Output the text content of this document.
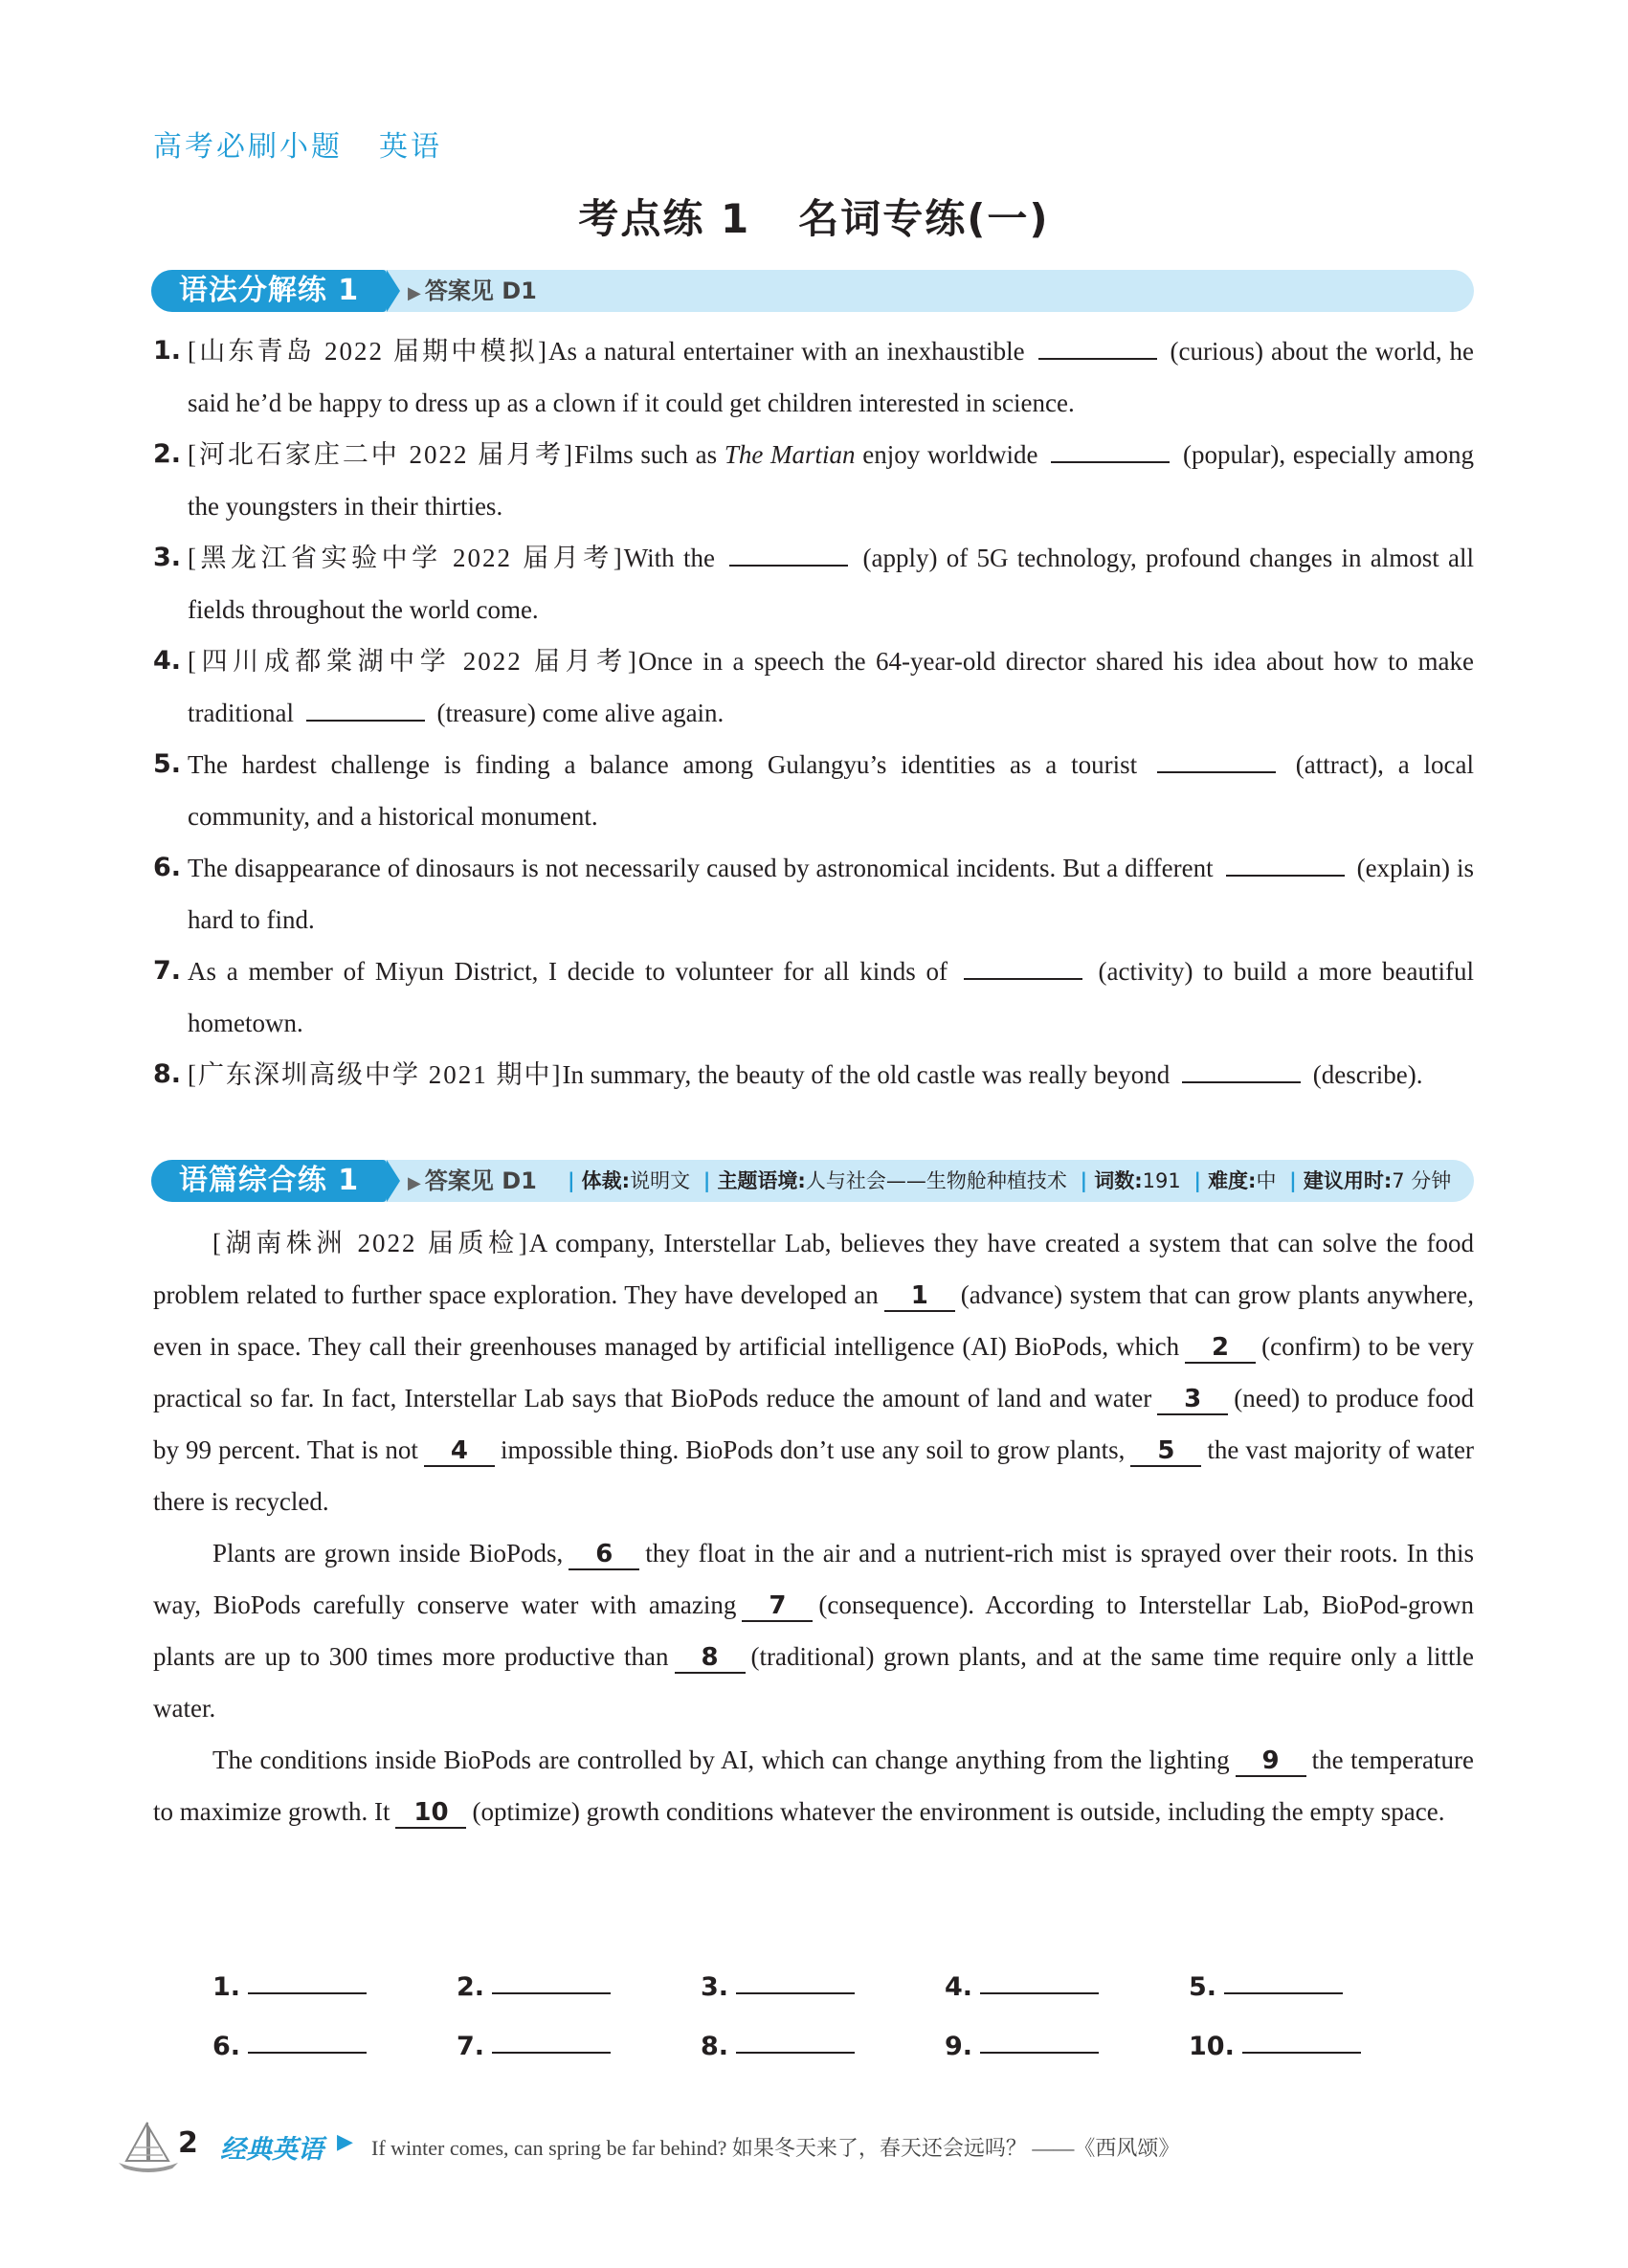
高考必刷小题 英语
考点练 1 名词专练(一)
语法分解练 1	▶ 答案见 D1
1. [山东青岛 2022 届期中模拟]As a natural entertainer with an inexhaustible	(curious) about the world, he said he’d be happy to dress up as a clown if it could get children interested in science.
2. [河北石家庄二中 2022 届月考]Films such as The Martian enjoy worldwide	(popular), especially among the youngsters in their thirties.
3. [黑龙江省实验中学 2022 届月考]With the	(apply) of 5G technology, profound changes in almost all fields throughout the world come.
4. [四川成都棠湖中学 2022 届月考]Once in a speech the 64-year-old director shared his idea about how to make traditional	(treasure) come alive again.
5. The hardest challenge is finding a balance among Gulangyu’s identities as a tourist	(attract), a local community, and a historical monument.
6. The disappearance of dinosaurs is not necessarily caused by astronomical incidents. But a different	(explain) is hard to find.
7. As a member of Miyun District, I decide to volunteer for all kinds of	(activity) to build a more beautiful hometown.
8. [广东深圳高级中学 2021 期中]In summary, the beauty of the old castle was really beyond	(describe).
语篇综合练 1	▶ 答案见 D1	| 体裁:说明文 | 主题语境:人与社会——生物舱种植技术 | 词数:191 | 难度:中 | 建议用时:7 分钟

[湖南株洲 2022 届质检]A company, Interstellar Lab, believes they have created a system that can solve the food problem related to further space exploration. They have developed an 1 (advance) system that can grow plants anywhere, even in space. They call their greenhouses managed by artificial intelligence (AI) BioPods, which 2 (confirm) to be very practical so far. In fact, Interstellar Lab says that BioPods reduce the amount of land and water 3 (need) to produce food by 99 percent. That is not 4 impossible thing. BioPods don’t use any soil to grow plants, 5 the vast majority of water there is recycled.

Plants are grown inside BioPods, 6 they float in the air and a nutrient-rich mist is sprayed over their roots. In this way, BioPods carefully conserve water with amazing 7 (consequence). According to Interstellar Lab, BioPod-grown plants are up to 300 times more productive than 8 (traditional) grown plants, and at the same time require only a little water.

The conditions inside BioPods are controlled by AI, which can change anything from the lighting 9 the temperature to maximize growth. It 10 (optimize) growth conditions whatever the environment is outside, including the empty space.

1.	2.	3.	4.	5.
6.	7.	8.	9.	10.
2 经典英语 ▶ If winter comes, can spring be far behind? 如果冬天来了，春天还会远吗？ ——《西风颂》
